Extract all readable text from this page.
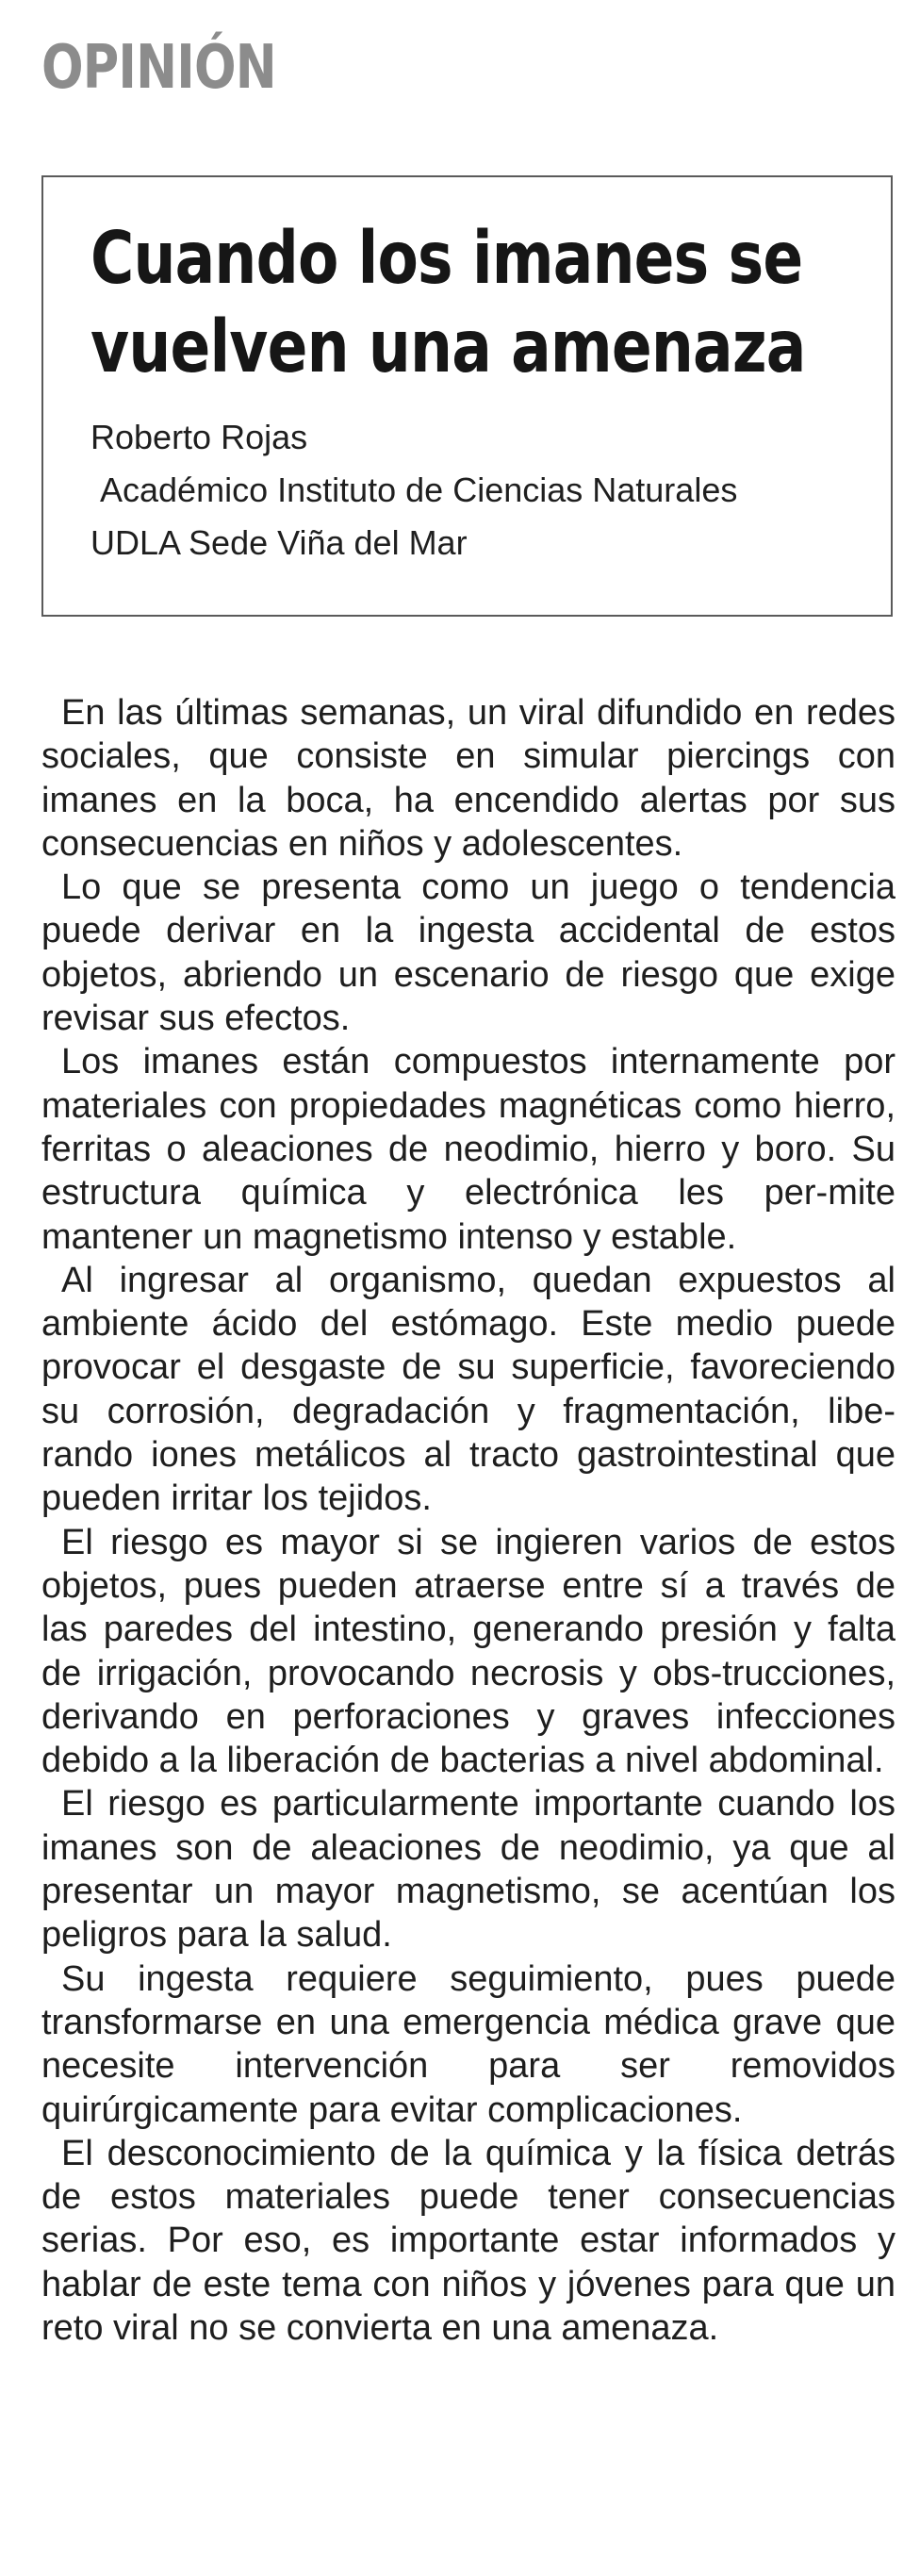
OPINIÓN
Cuando los imanes se
vuelven una amenaza
Roberto Rojas
Académico Instituto de Ciencias Naturales
UDLA Sede Viña del Mar

En las últimas semanas, un viral difundido en redes sociales, que consiste en simular piercings con imanes en la boca, ha encendido alertas por sus consecuencias en niños y adolescentes.

Lo que se presenta como un juego o tendencia puede derivar en la ingesta accidental de estos objetos, abriendo un escenario de riesgo que exige revisar sus efectos.

Los imanes están compuestos internamente por materiales con propiedades magnéticas como hierro, ferritas o aleaciones de neodimio, hierro y boro. Su estructura química y electrónica les per-mite mantener un magnetismo intenso y estable.

Al ingresar al organismo, quedan expuestos al ambiente ácido del estómago. Este medio puede provocar el desgaste de su superficie, favoreciendo su corrosión, degradación y fragmentación, libe-rando iones metálicos al tracto gastrointestinal que pueden irritar los tejidos.

El riesgo es mayor si se ingieren varios de estos objetos, pues pueden atraerse entre sí a través de las paredes del intestino, generando presión y falta de irrigación, provocando necrosis y obs-trucciones, derivando en perforaciones y graves infecciones debido a la liberación de bacterias a nivel abdominal.

El riesgo es particularmente importante cuando los imanes son de aleaciones de neodimio, ya que al presentar un mayor magnetismo, se acentúan los peligros para la salud.

Su ingesta requiere seguimiento, pues puede transformarse en una emergencia médica grave que necesite intervención para ser removidos quirúrgicamente para evitar complicaciones.

El desconocimiento de la química y la física detrás de estos materiales puede tener consecuencias serias. Por eso, es importante estar informados y hablar de este tema con niños y jóvenes para que un reto viral no se convierta en una amenaza.
